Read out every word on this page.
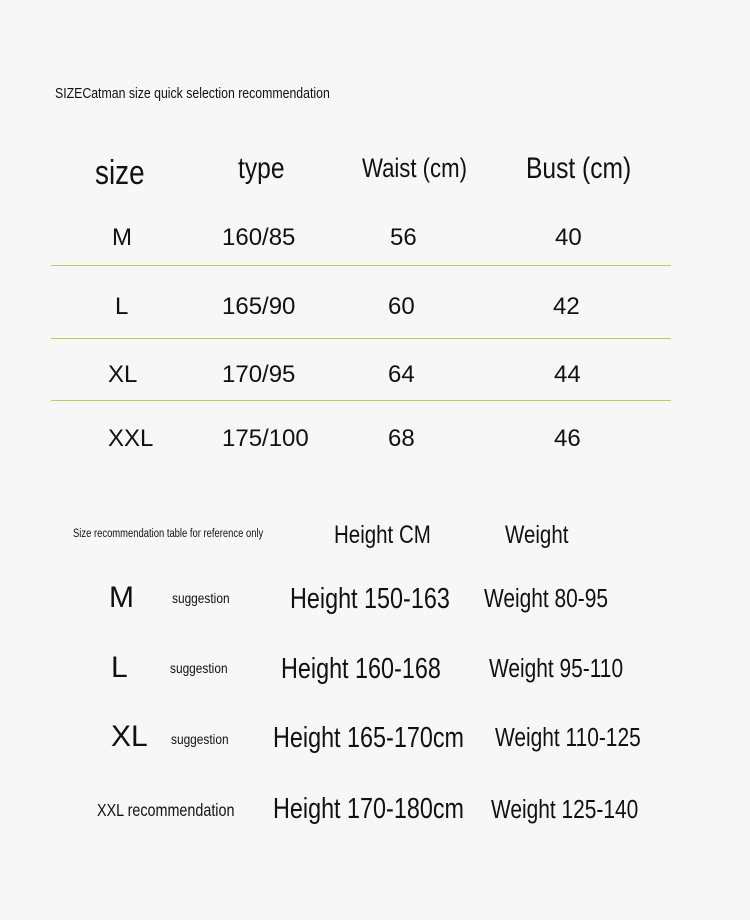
SIZECatman size quick selection recommendation
size	type	Waist (cm) Bust (cm)
M	160/85	56	40
L	165/90	60	42
XL	170/95	64	44
XXL	175/100	68	46
Size recommendation table for reference only	Height CM	Weight
M	suggestion Height 150-163 Weight 80-95
L	suggestion Height 160-168 Weight 95-110
XL suggestion Height 165-170cm Weight 110-125
XXL recommendation Height 170-180cm Weight 125-140
